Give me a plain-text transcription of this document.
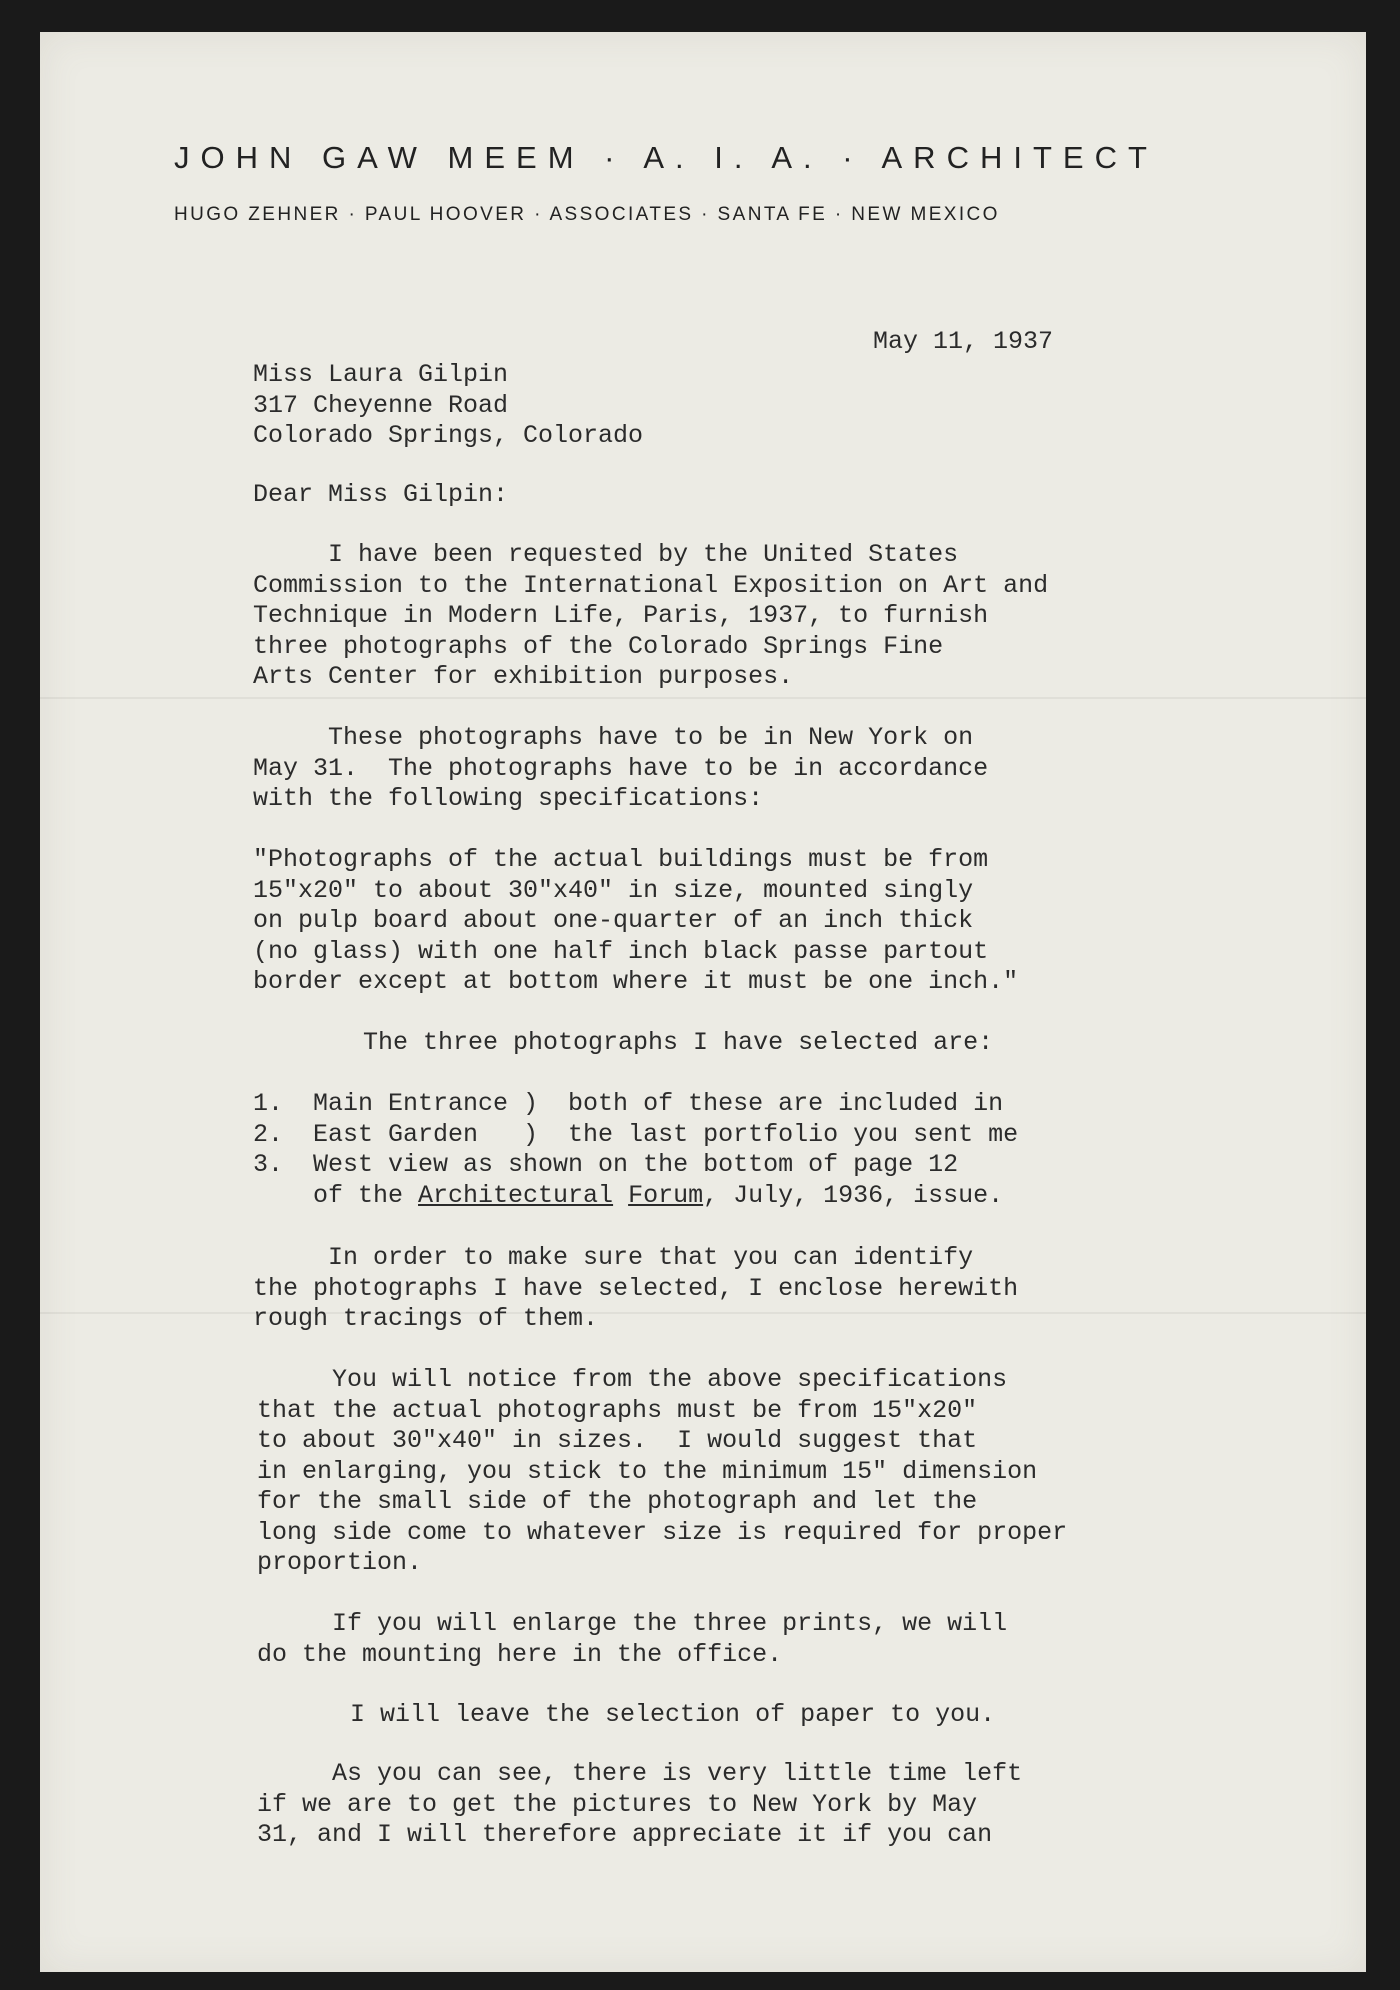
JOHN GAW MEEM · A. I. A. · ARCHITECT
HUGO ZEHNER · PAUL HOOVER · ASSOCIATES · SANTA FE · NEW MEXICO
May 11, 1937
Miss Laura Gilpin
317 Cheyenne Road
Colorado Springs, Colorado
Dear Miss Gilpin:
I have been requested by the United States
Commission to the International Exposition on Art and
Technique in Modern Life, Paris, 1937, to furnish
three photographs of the Colorado Springs Fine
Arts Center for exhibition purposes.
These photographs have to be in New York on
May 31.  The photographs have to be in accordance
with the following specifications:
"Photographs of the actual buildings must be from
15"x20" to about 30"x40" in size, mounted singly
on pulp board about one-quarter of an inch thick
(no glass) with one half inch black passe partout
border except at bottom where it must be one inch."
The three photographs I have selected are:
1.  Main Entrance )  both of these are included in
2.  East Garden   )  the last portfolio you sent me
3.  West view as shown on the bottom of page 12
of the Architectural Forum, July, 1936, issue.
In order to make sure that you can identify
the photographs I have selected, I enclose herewith
rough tracings of them.
You will notice from the above specifications
that the actual photographs must be from 15"x20"
to about 30"x40" in sizes.  I would suggest that
in enlarging, you stick to the minimum 15" dimension
for the small side of the photograph and let the
long side come to whatever size is required for proper
proportion.
If you will enlarge the three prints, we will
do the mounting here in the office.
I will leave the selection of paper to you.
As you can see, there is very little time left
if we are to get the pictures to New York by May
31, and I will therefore appreciate it if you can
